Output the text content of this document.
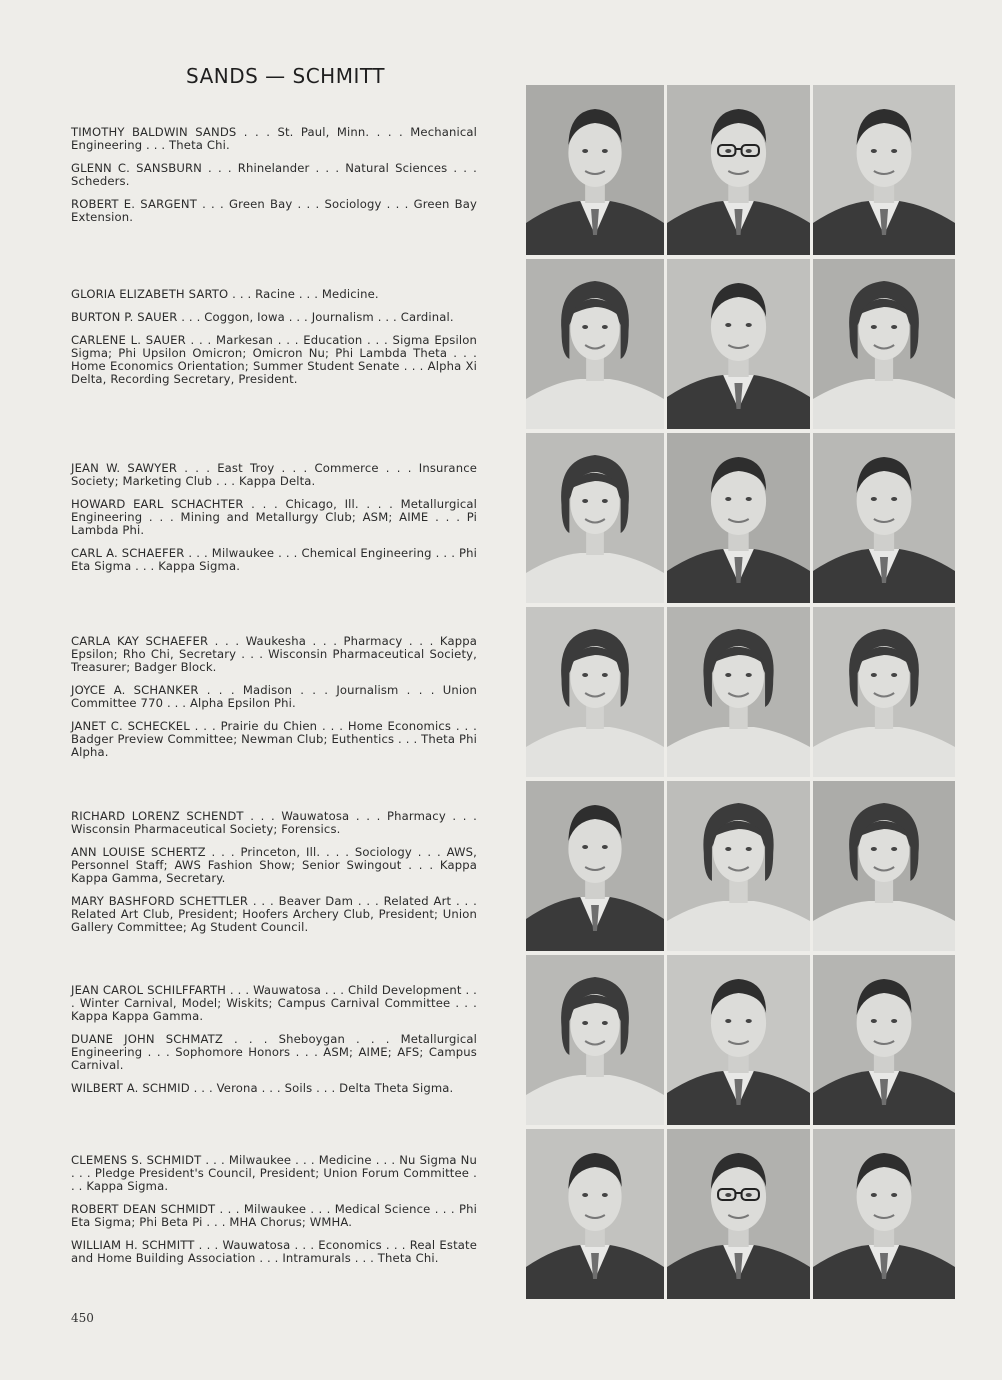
SANDS — SCHMITT

TIMOTHY BALDWIN SANDS . . . St. Paul, Minn. . . . Mechanical Engineering . . . Theta Chi.

GLENN C. SANSBURN . . . Rhinelander . . . Natural Sciences . . . Scheders.

ROBERT E. SARGENT . . . Green Bay . . . Sociology . . . Green Bay Extension.

GLORIA ELIZABETH SARTO . . . Racine . . . Medicine.

BURTON P. SAUER . . . Coggon, Iowa . . . Journalism . . . Cardinal.

CARLENE L. SAUER . . . Markesan . . . Education . . . Sigma Epsilon Sigma; Phi Upsilon Omicron; Omicron Nu; Phi Lambda Theta . . . Home Economics Orientation; Summer Student Senate . . . Alpha Xi Delta, Recording Secretary, President.

JEAN W. SAWYER . . . East Troy . . . Commerce . . . Insurance Society; Marketing Club . . . Kappa Delta.

HOWARD EARL SCHACHTER . . . Chicago, Ill. . . . Metallurgical Engineering . . . Mining and Metallurgy Club; ASM; AIME . . . Pi Lambda Phi.

CARL A. SCHAEFER . . . Milwaukee . . . Chemical Engineering . . . Phi Eta Sigma . . . Kappa Sigma.

CARLA KAY SCHAEFER . . . Waukesha . . . Pharmacy . . . Kappa Epsilon; Rho Chi, Secretary . . . Wisconsin Pharmaceutical Society, Treasurer; Badger Block.

JOYCE A. SCHANKER . . . Madison . . . Journalism . . . Union Committee 770 . . . Alpha Epsilon Phi.

JANET C. SCHECKEL . . . Prairie du Chien . . . Home Economics . . . Badger Preview Committee; Newman Club; Euthentics . . . Theta Phi Alpha.

RICHARD LORENZ SCHENDT . . . Wauwatosa . . . Pharmacy . . . Wisconsin Pharmaceutical Society; Forensics.

ANN LOUISE SCHERTZ . . . Princeton, Ill. . . . Sociology . . . AWS, Personnel Staff; AWS Fashion Show; Senior Swingout . . . Kappa Kappa Gamma, Secretary.

MARY BASHFORD SCHETTLER . . . Beaver Dam . . . Related Art . . . Related Art Club, President; Hoofers Archery Club, President; Union Gallery Committee; Ag Student Council.

JEAN CAROL SCHILFFARTH . . . Wauwatosa . . . Child Development . . . Winter Carnival, Model; Wiskits; Campus Carnival Committee . . . Kappa Kappa Gamma.

DUANE JOHN SCHMATZ . . . Sheboygan . . . Metallurgical Engineering . . . Sophomore Honors . . . ASM; AIME; AFS; Campus Carnival.

WILBERT A. SCHMID . . . Verona . . . Soils . . . Delta Theta Sigma.

CLEMENS S. SCHMIDT . . . Milwaukee . . . Medicine . . . Nu Sigma Nu . . . Pledge President's Council, President; Union Forum Committee . . . Kappa Sigma.

ROBERT DEAN SCHMIDT . . . Milwaukee . . . Medical Science . . . Phi Eta Sigma; Phi Beta Pi . . . MHA Chorus; WMHA.

WILLIAM H. SCHMITT . . . Wauwatosa . . . Economics . . . Real Estate and Home Building Association . . . Intramurals . . . Theta Chi.

450
